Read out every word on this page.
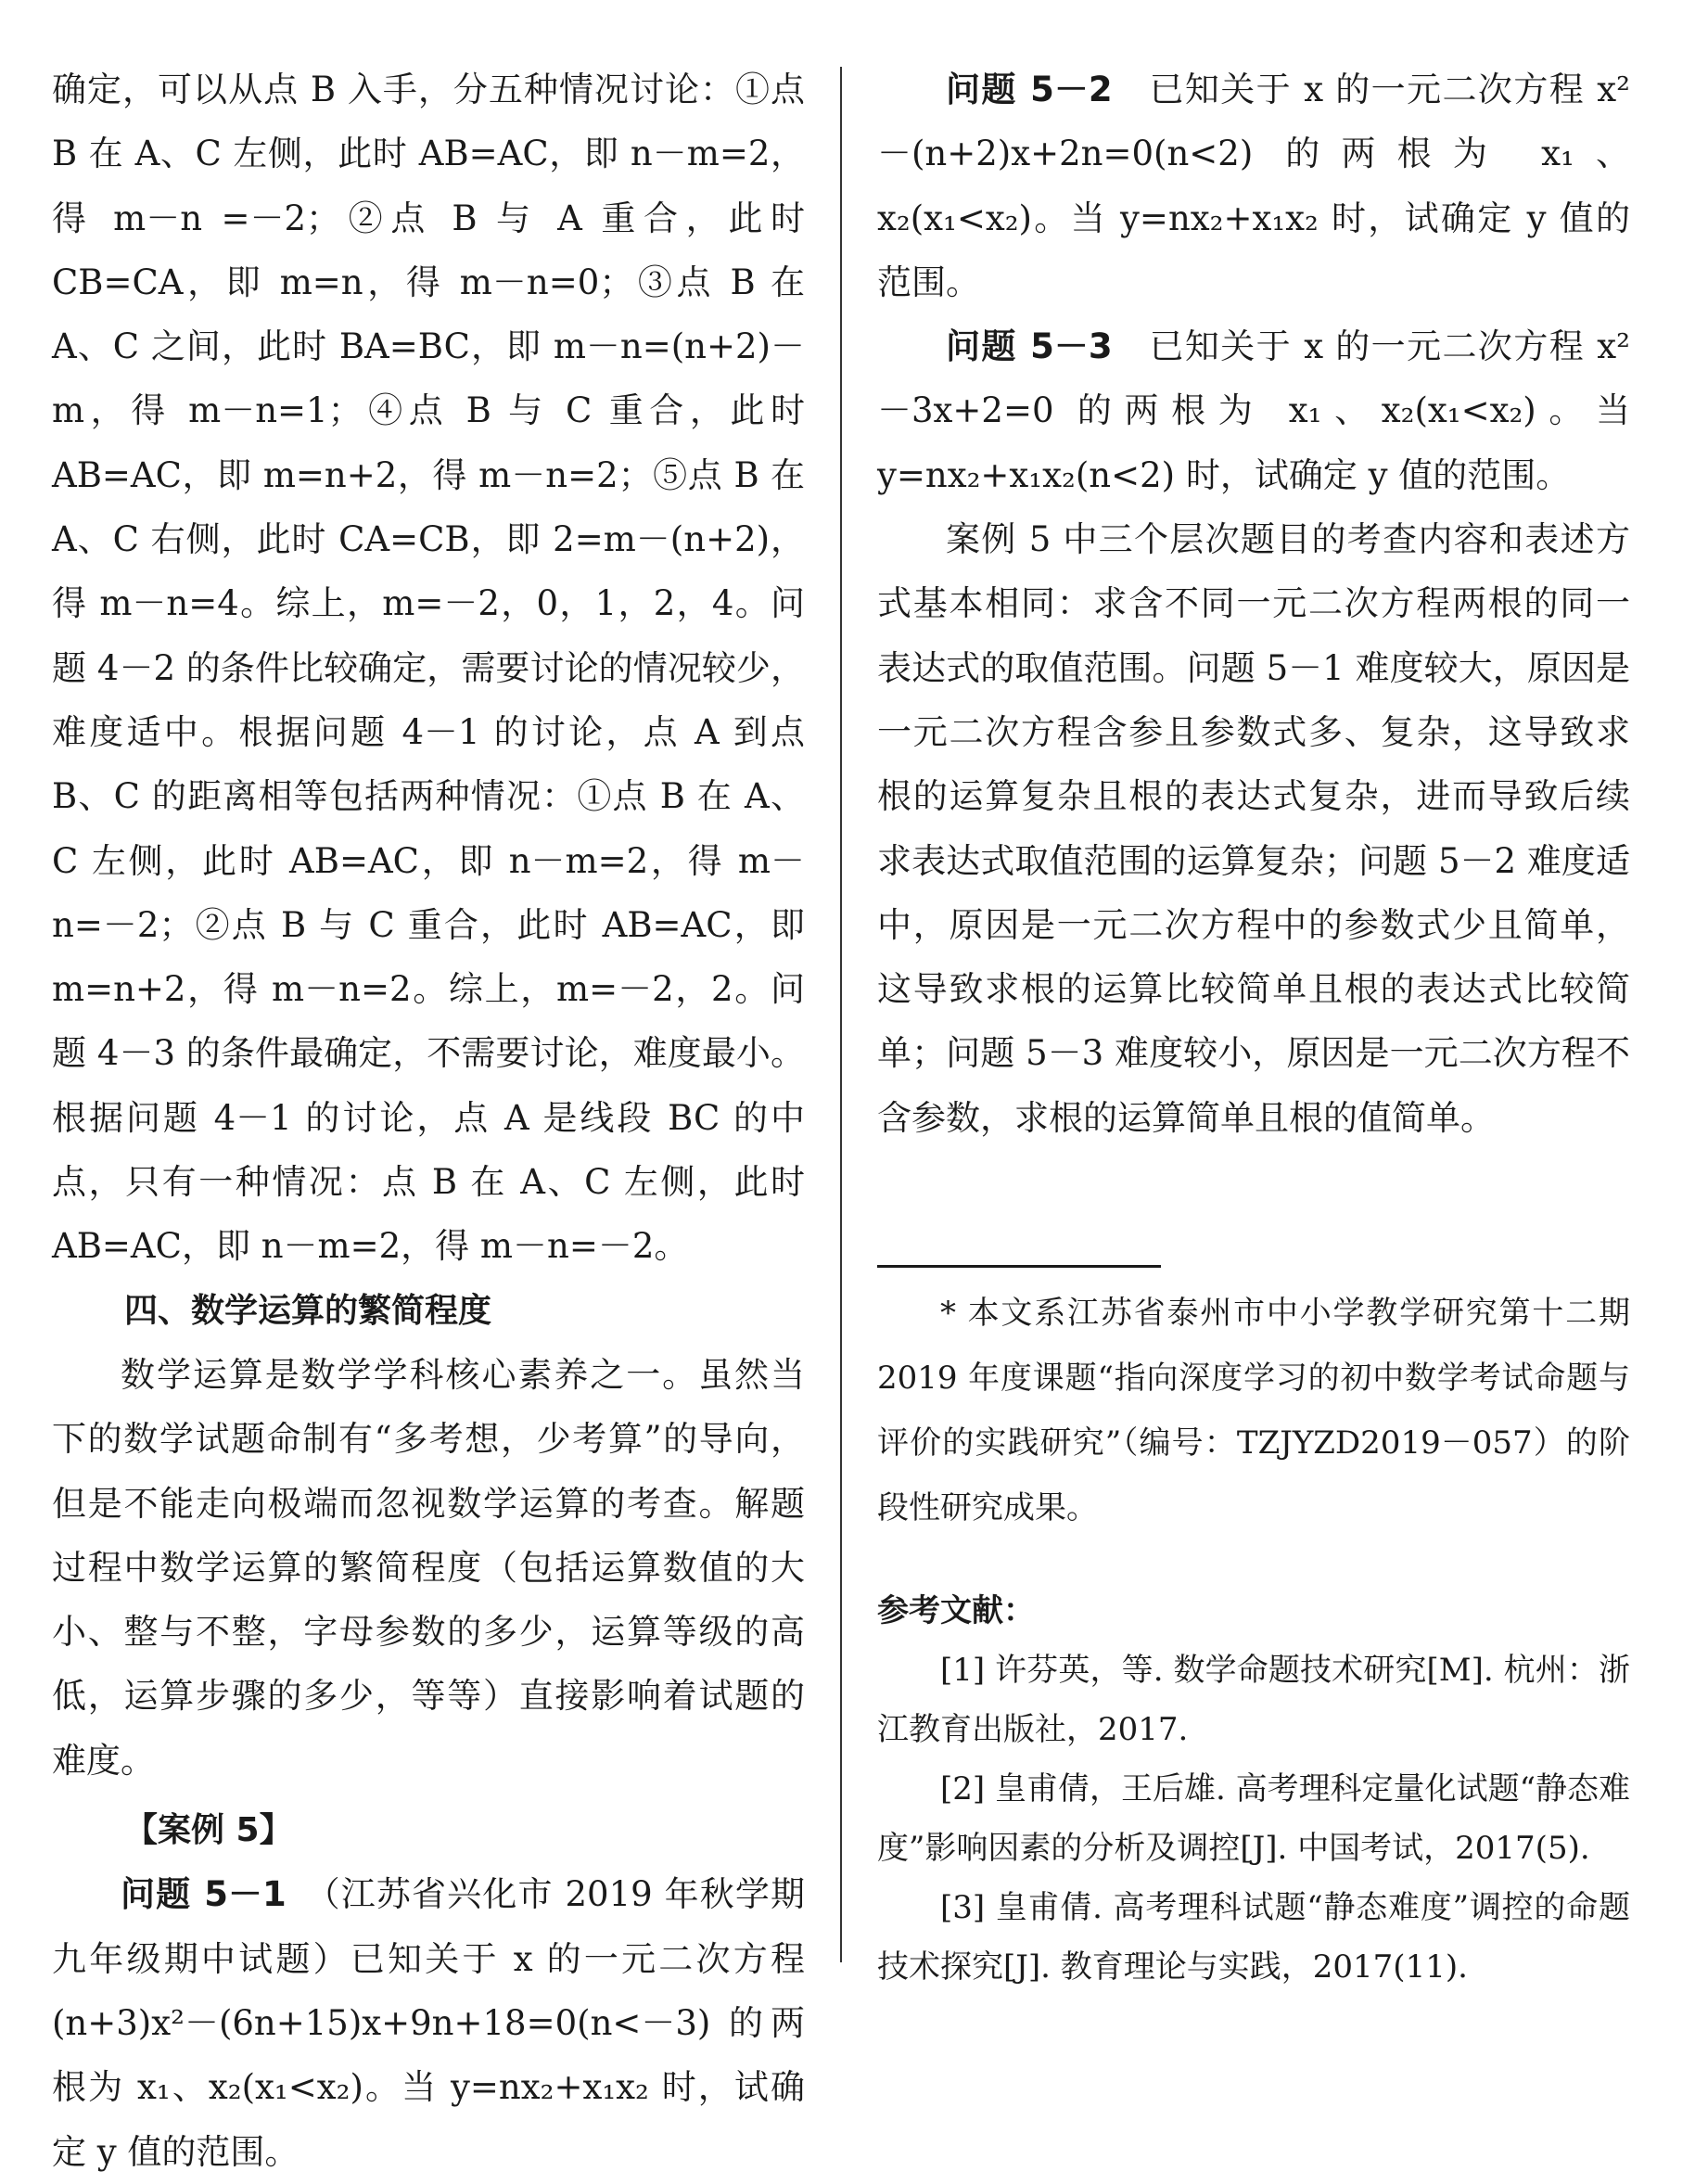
确定，可以从点 B 入手，分五种情况讨论：①点 B 在 A、C 左侧，此时 AB=AC，即 n－m=2，得 m－n =－2；②点 B 与 A 重合，此时 CB=CA，即 m=n，得 m－n=0；③点 B 在 A、C 之间，此时 BA=BC，即 m－n=(n+2)－m，得 m－n=1；④点 B 与 C 重合，此时 AB=AC，即 m=n+2，得 m－n=2；⑤点 B 在 A、C 右侧，此时 CA=CB，即 2=m－(n+2)，得 m－n=4。综上，m=－2，0，1，2，4。问题 4－2 的条件比较确定，需要讨论的情况较少，难度适中。根据问题 4－1 的讨论，点 A 到点 B、C 的距离相等包括两种情况：①点 B 在 A、C 左侧，此时 AB=AC，即 n－m=2，得 m－n=－2；②点 B 与 C 重合，此时 AB=AC，即 m=n+2，得 m－n=2。综上，m=－2，2。问题 4－3 的条件最确定，不需要讨论，难度最小。根据问题 4－1 的讨论，点 A 是线段 BC 的中点，只有一种情况：点 B 在 A、C 左侧，此时 AB=AC，即 n－m=2，得 m－n=－2。

四、数学运算的繁简程度

数学运算是数学学科核心素养之一。虽然当下的数学试题命制有“多考想，少考算”的导向，但是不能走向极端而忽视数学运算的考查。解题过程中数学运算的繁简程度（包括运算数值的大小、整与不整，字母参数的多少，运算等级的高低，运算步骤的多少，等等）直接影响着试题的难度。

【案例 5】

问题 5－1　 （江苏省兴化市 2019 年秋学期九年级期中试题）已知关于 x 的一元二次方程 (n+3)x²－(6n+15)x+9n+18=0(n<－3) 的两根为 x₁、x₂(x₁<x₂)。当 y=nx₂+x₁x₂ 时，试确定 y 值的范围。

问题 5－2　 已知关于 x 的一元二次方程 x²－(n+2)x+2n=0(n<2) 的两根为 x₁、x₂(x₁<x₂)。当 y=nx₂+x₁x₂ 时，试确定 y 值的范围。

问题 5－3　 已知关于 x 的一元二次方程 x²－3x+2=0 的两根为 x₁、x₂(x₁<x₂)。当 y=nx₂+x₁x₂(n<2) 时，试确定 y 值的范围。

案例 5 中三个层次题目的考查内容和表述方式基本相同：求含不同一元二次方程两根的同一表达式的取值范围。问题 5－1 难度较大，原因是一元二次方程含参且参数式多、复杂，这导致求根的运算复杂且根的表达式复杂，进而导致后续求表达式取值范围的运算复杂；问题 5－2 难度适中，原因是一元二次方程中的参数式少且简单，这导致求根的运算比较简单且根的表达式比较简单；问题 5－3 难度较小，原因是一元二次方程不含参数，求根的运算简单且根的值简单。

* 本文系江苏省泰州市中小学教学研究第十二期 2019 年度课题“指向深度学习的初中数学考试命题与评价的实践研究”（编号：TZJYZD2019－057）的阶段性研究成果。

参考文献：

[1] 许芬英，等. 数学命题技术研究[M]. 杭州：浙江教育出版社，2017.

[2] 皇甫倩，王后雄. 高考理科定量化试题“静态难度”影响因素的分析及调控[J]. 中国考试，2017(5).

[3] 皇甫倩. 高考理科试题“静态难度”调控的命题技术探究[J]. 教育理论与实践，2017(11).
